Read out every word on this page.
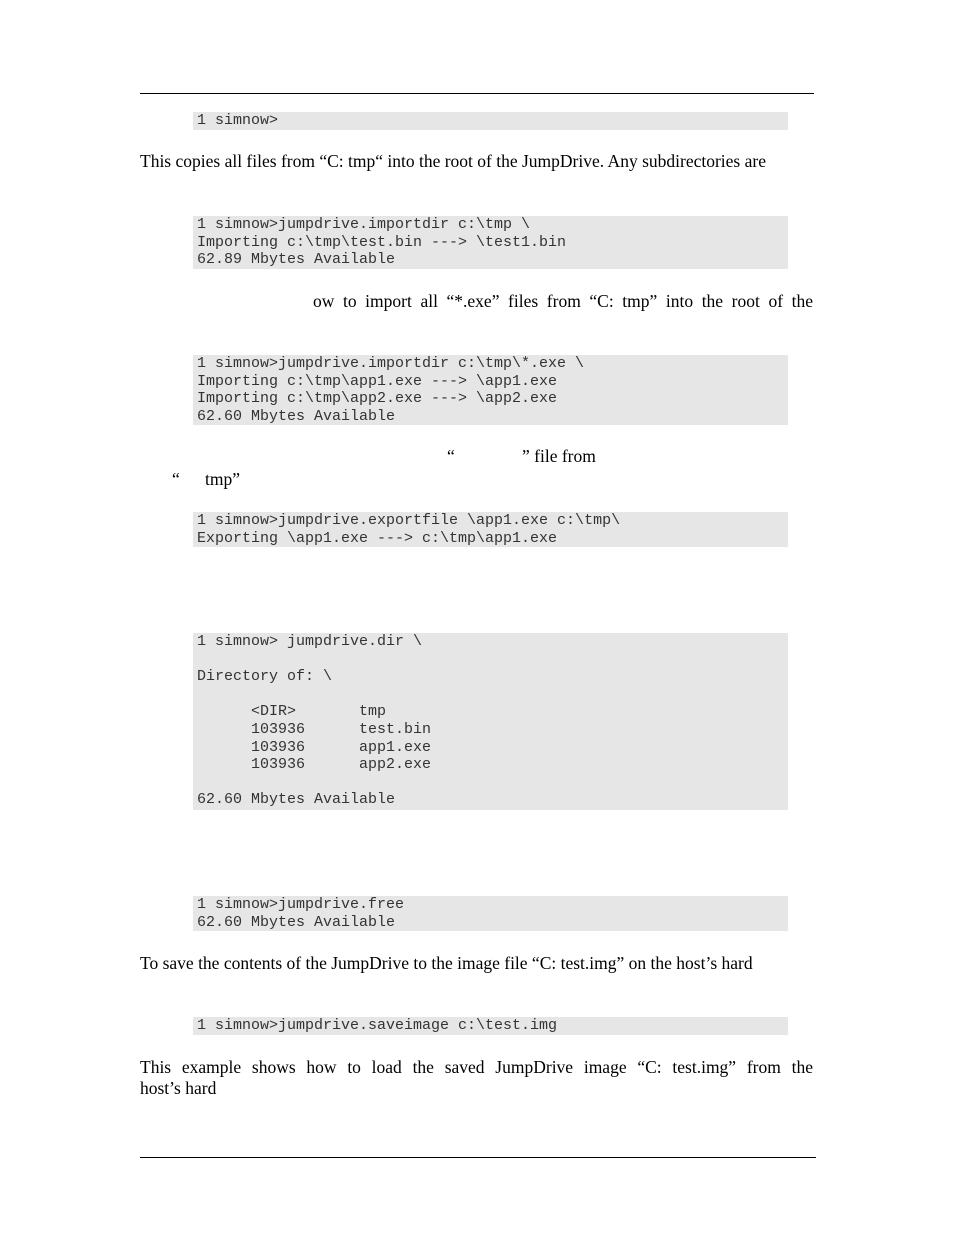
1 simnow>

This copies all files from “C: tmp“ into the root of the JumpDrive. Any subdirectories are

1 simnow>jumpdrive.importdir c:\tmp \
Importing c:\tmp\test.bin ---> \test1.bin
62.89 Mbytes Available

ow to import all “*.exe” files from “C: tmp” into the root of the

1 simnow>jumpdrive.importdir c:\tmp\*.exe \
Importing c:\tmp\app1.exe ---> \app1.exe
Importing c:\tmp\app2.exe ---> \app2.exe
62.60 Mbytes Available
“	” file from
“ tmp”
1 simnow>jumpdrive.exportfile \app1.exe c:\tmp\
Exporting \app1.exe ---> c:\tmp\app1.exe
1 simnow> jumpdrive.dir \

Directory of: \

<DIR>       tmp
103936      test.bin
103936      app1.exe
103936      app2.exe

62.60 Mbytes Available
1 simnow>jumpdrive.free
62.60 Mbytes Available

To save the contents of the JumpDrive to the image file “C: test.img” on the host’s hard

1 simnow>jumpdrive.saveimage c:\test.img

This example shows how to load the saved JumpDrive image “C: test.img” from the

host’s hard
